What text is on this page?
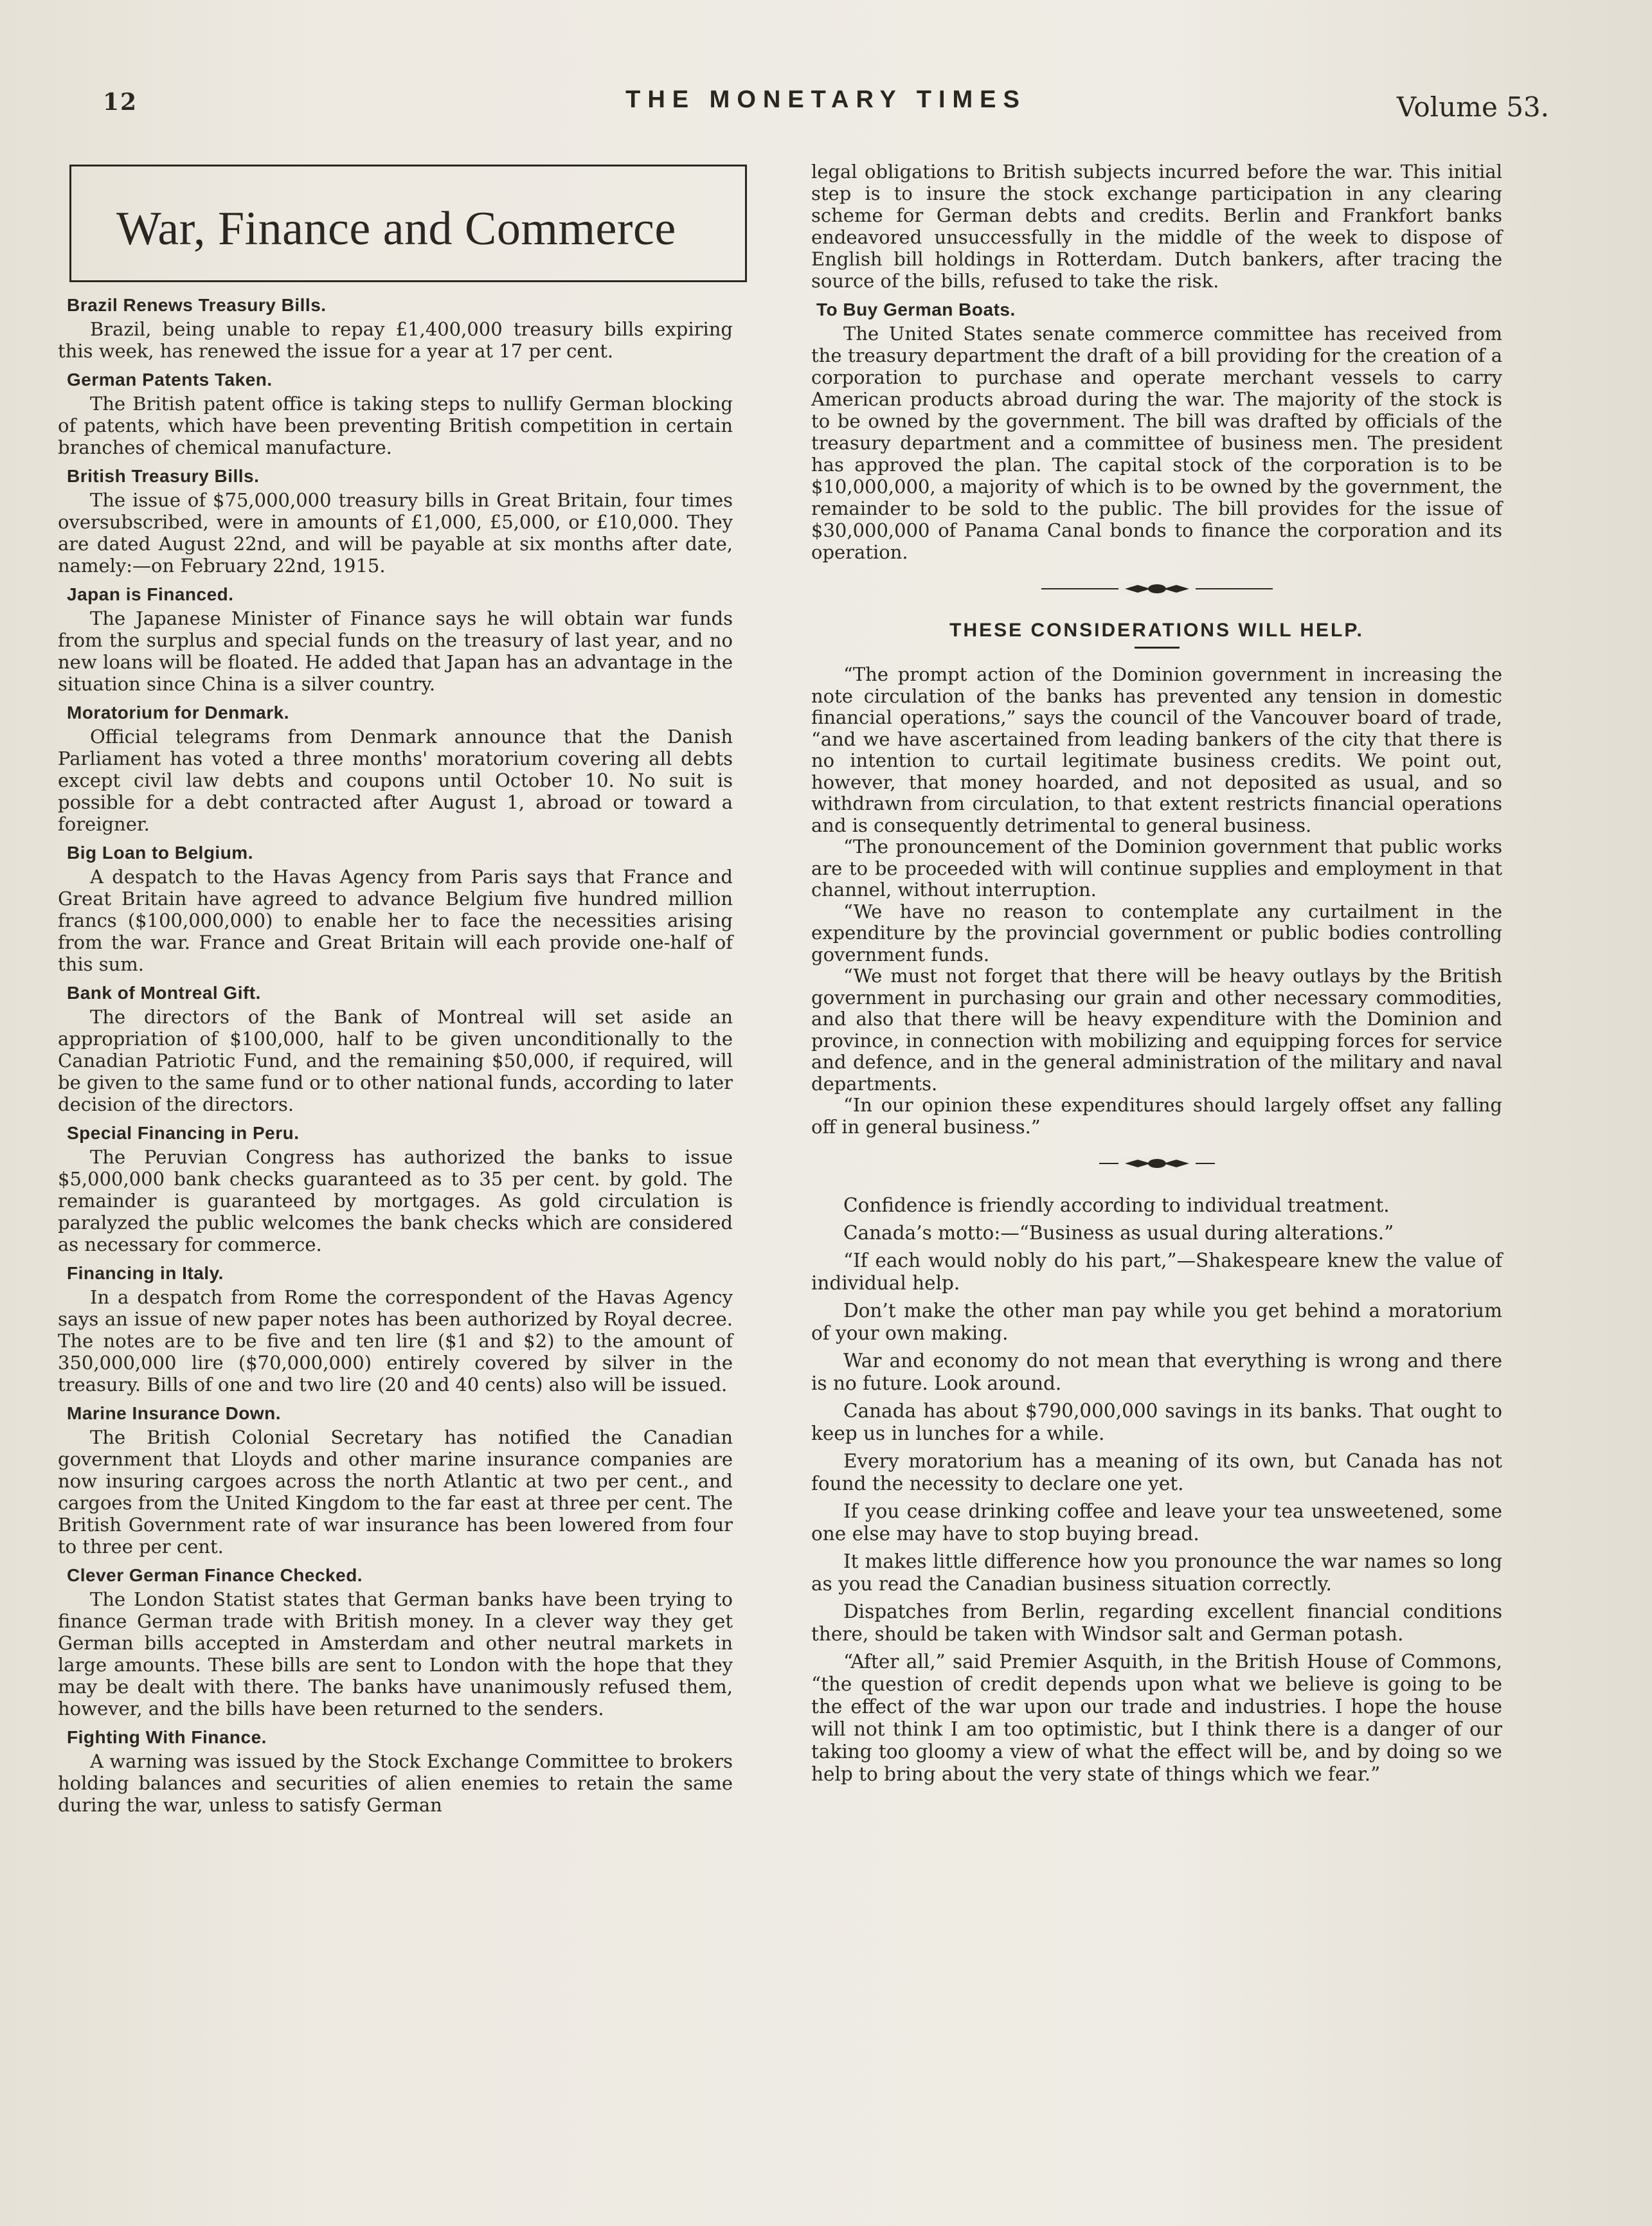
12	THE MONETARY TIMES	Volume 53.
War, Finance and Commerce
Brazil Renews Treasury Bills.

Brazil, being unable to repay £1,400,000 treasury bills expiring this week, has renewed the issue for a year at 17 per cent.

German Patents Taken.

The British patent office is taking steps to nullify German blocking of patents, which have been preventing British competition in certain branches of chemical manufacture.

British Treasury Bills.

The issue of $75,000,000 treasury bills in Great Britain, four times oversubscribed, were in amounts of £1,000, £5,000, or £10,000. They are dated August 22nd, and will be payable at six months after date, namely:—on February 22nd, 1915.

Japan is Financed.

The Japanese Minister of Finance says he will obtain war funds from the surplus and special funds on the treasury of last year, and no new loans will be floated. He added that Japan has an advantage in the situation since China is a silver country.

Moratorium for Denmark.

Official telegrams from Denmark announce that the Danish Parliament has voted a three months' moratorium covering all debts except civil law debts and coupons until October 10. No suit is possible for a debt contracted after August 1, abroad or toward a foreigner.

Big Loan to Belgium.

A despatch to the Havas Agency from Paris says that France and Great Britain have agreed to advance Belgium five hundred million francs ($100,000,000) to enable her to face the necessities arising from the war. France and Great Britain will each provide one-half of this sum.

Bank of Montreal Gift.

The directors of the Bank of Montreal will set aside an appropriation of $100,000, half to be given unconditionally to the Canadian Patriotic Fund, and the remaining $50,000, if required, will be given to the same fund or to other national funds, according to later decision of the directors.

Special Financing in Peru.

The Peruvian Congress has authorized the banks to issue $5,000,000 bank checks guaranteed as to 35 per cent. by gold. The remainder is guaranteed by mortgages. As gold circulation is paralyzed the public welcomes the bank checks which are considered as necessary for commerce.

Financing in Italy.

In a despatch from Rome the correspondent of the Havas Agency says an issue of new paper notes has been authorized by Royal decree. The notes are to be five and ten lire ($1 and $2) to the amount of 350,000,000 lire ($70,000,000) entirely covered by silver in the treasury. Bills of one and two lire (20 and 40 cents) also will be issued.

Marine Insurance Down.

The British Colonial Secretary has notified the Canadian government that Lloyds and other marine insurance companies are now insuring cargoes across the north Atlantic at two per cent., and cargoes from the United Kingdom to the far east at three per cent. The British Government rate of war insurance has been lowered from four to three per cent.

Clever German Finance Checked.

The London Statist states that German banks have been trying to finance German trade with British money. In a clever way they get German bills accepted in Amsterdam and other neutral markets in large amounts. These bills are sent to London with the hope that they may be dealt with there. The banks have unanimously refused them, however, and the bills have been returned to the senders.

Fighting With Finance.

A warning was issued by the Stock Exchange Committee to brokers holding balances and securities of alien enemies to retain the same during the war, unless to satisfy German

legal obligations to British subjects incurred before the war. This initial step is to insure the stock exchange participation in any clearing scheme for German debts and credits. Berlin and Frankfort banks endeavored unsuccessfully in the middle of the week to dispose of English bill holdings in Rotterdam. Dutch bankers, after tracing the source of the bills, refused to take the risk.

To Buy German Boats.

The United States senate commerce committee has received from the treasury department the draft of a bill providing for the creation of a corporation to purchase and operate merchant vessels to carry American products abroad during the war. The majority of the stock is to be owned by the government. The bill was drafted by officials of the treasury department and a committee of business men. The president has approved the plan. The capital stock of the corporation is to be $10,000,000, a majority of which is to be owned by the government, the remainder to be sold to the public. The bill provides for the issue of $30,000,000 of Panama Canal bonds to finance the corporation and its operation.

THESE CONSIDERATIONS WILL HELP.

“The prompt action of the Dominion government in increasing the note circulation of the banks has prevented any tension in domestic financial operations,” says the council of the Vancouver board of trade, “and we have ascertained from leading bankers of the city that there is no intention to curtail legitimate business credits. We point out, however, that money hoarded, and not deposited as usual, and so withdrawn from circulation, to that extent restricts financial operations and is consequently detrimental to general business.

“The pronouncement of the Dominion government that public works are to be proceeded with will continue supplies and employment in that channel, without interruption.

“We have no reason to contemplate any curtailment in the expenditure by the provincial government or public bodies controlling government funds.

“We must not forget that there will be heavy outlays by the British government in purchasing our grain and other necessary commodities, and also that there will be heavy expenditure with the Dominion and province, in connection with mobilizing and equipping forces for service and defence, and in the general administration of the military and naval departments.

“In our opinion these expenditures should largely offset any falling off in general business.”

Confidence is friendly according to individual treatment.

Canada’s motto:—“Business as usual during alterations.”

“If each would nobly do his part,”—Shakespeare knew the value of individual help.

Don’t make the other man pay while you get behind a moratorium of your own making.

War and economy do not mean that everything is wrong and there is no future. Look around.

Canada has about $790,000,000 savings in its banks. That ought to keep us in lunches for a while.

Every moratorium has a meaning of its own, but Canada has not found the necessity to declare one yet.

If you cease drinking coffee and leave your tea unsweetened, some one else may have to stop buying bread.

It makes little difference how you pronounce the war names so long as you read the Canadian business situation correctly.

Dispatches from Berlin, regarding excellent financial conditions there, should be taken with Windsor salt and German potash.

“After all,” said Premier Asquith, in the British House of Commons, “the question of credit depends upon what we believe is going to be the effect of the war upon our trade and industries. I hope the house will not think I am too optimistic, but I think there is a danger of our taking too gloomy a view of what the effect will be, and by doing so we help to bring about the very state of things which we fear.”
